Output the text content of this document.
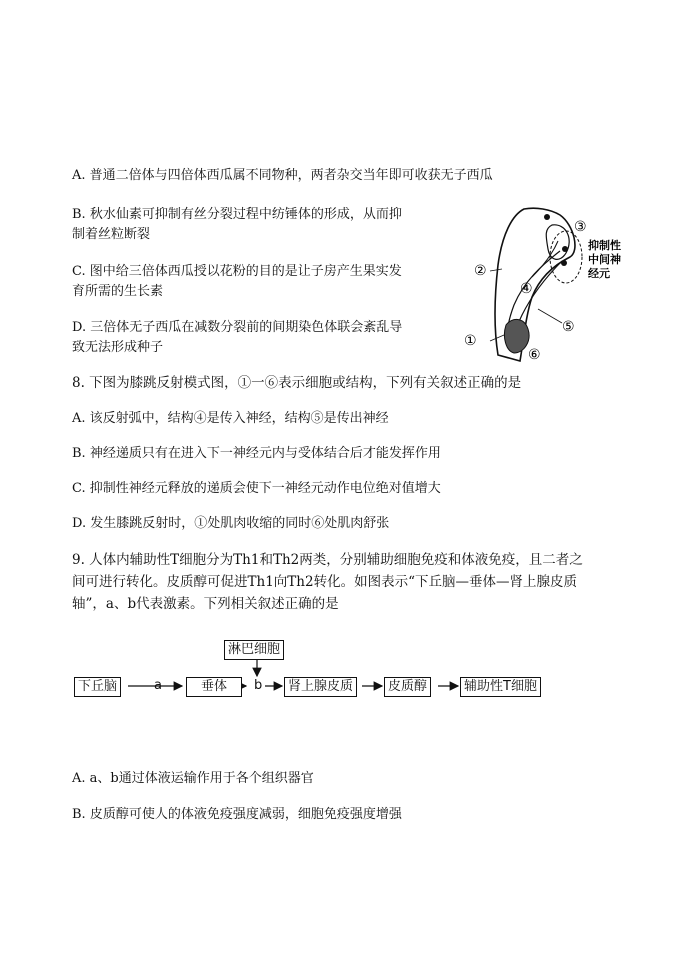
A. 普通二倍体与四倍体西瓜属不同物种，两者杂交当年即可收获无子西瓜
B. 秋水仙素可抑制有丝分裂过程中纺锤体的形成，从而抑
制着丝粒断裂
C. 图中给三倍体西瓜授以花粉的目的是让子房产生果实发
育所需的生长素
D. 三倍体无子西瓜在减数分裂前的间期染色体联会紊乱导
致无法形成种子	①
②
③
④
⑤
⑥
抑制性
中间神
经元
8. 下图为膝跳反射模式图，①一⑥表示细胞或结构，下列有关叙述正确的是
A. 该反射弧中，结构④是传入神经，结构⑤是传出神经
B. 神经递质只有在进入下一神经元内与受体结合后才能发挥作用
C. 抑制性神经元释放的递质会使下一神经元动作电位绝对值增大
D. 发生膝跳反射时，①处肌肉收缩的同时⑥处肌肉舒张
9. 人体内辅助性T细胞分为Th1和Th2两类，分别辅助细胞免疫和体液免疫，且二者之
间可进行转化。皮质醇可促进Th1向Th2转化。如图表示“下丘脑—垂体—肾上腺皮质
轴”，a、b代表激素。下列相关叙述正确的是
淋巴细胞
下丘脑	a	垂体	b	肾上腺皮质	皮质醇	辅助性T细胞
A. a、b通过体液运输作用于各个组织器官
B. 皮质醇可使人的体液免疫强度减弱，细胞免疫强度增强
